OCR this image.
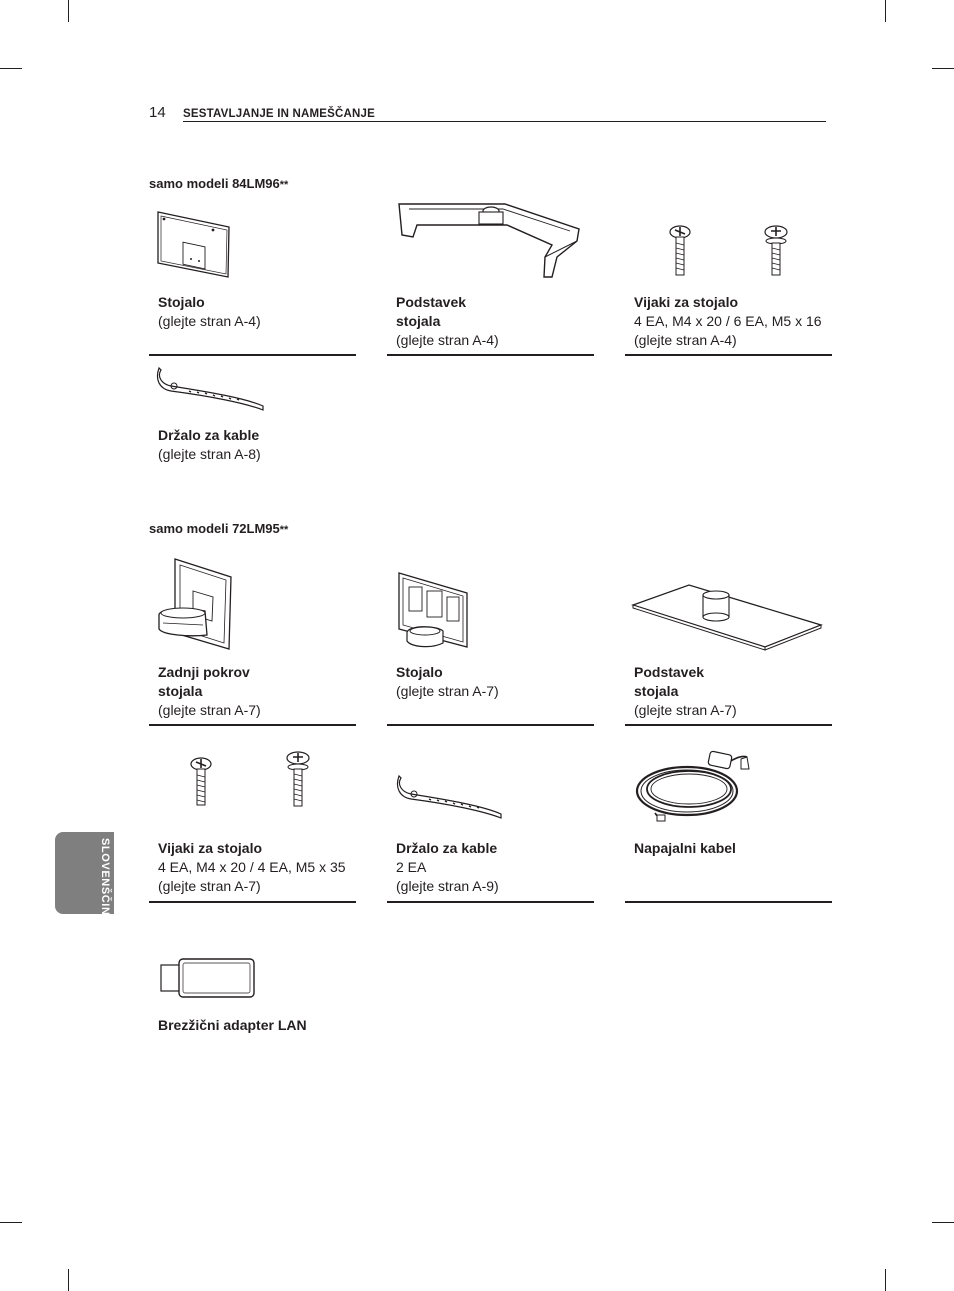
14 SESTAVLJANJE IN NAMEŠČANJE
SLOVENŠČINA
samo modeli 84LM96**
Stojalo
(glejte stran A-4)
Podstavek
stojala
(glejte stran A-4)
Vijaki za stojalo
4 EA, M4 x 20 / 6 EA, M5 x 16
(glejte stran A-4)
Držalo za kable
(glejte stran A-8)
samo modeli 72LM95**
Zadnji pokrov
stojala
(glejte stran A-7)
Stojalo
(glejte stran A-7)
Podstavek
stojala
(glejte stran A-7)
Vijaki za stojalo
4 EA, M4 x 20 / 4 EA, M5 x 35
(glejte stran A-7)
Držalo za kable
2 EA
(glejte stran A-9)
Napajalni kabel
Brezžični adapter LAN
